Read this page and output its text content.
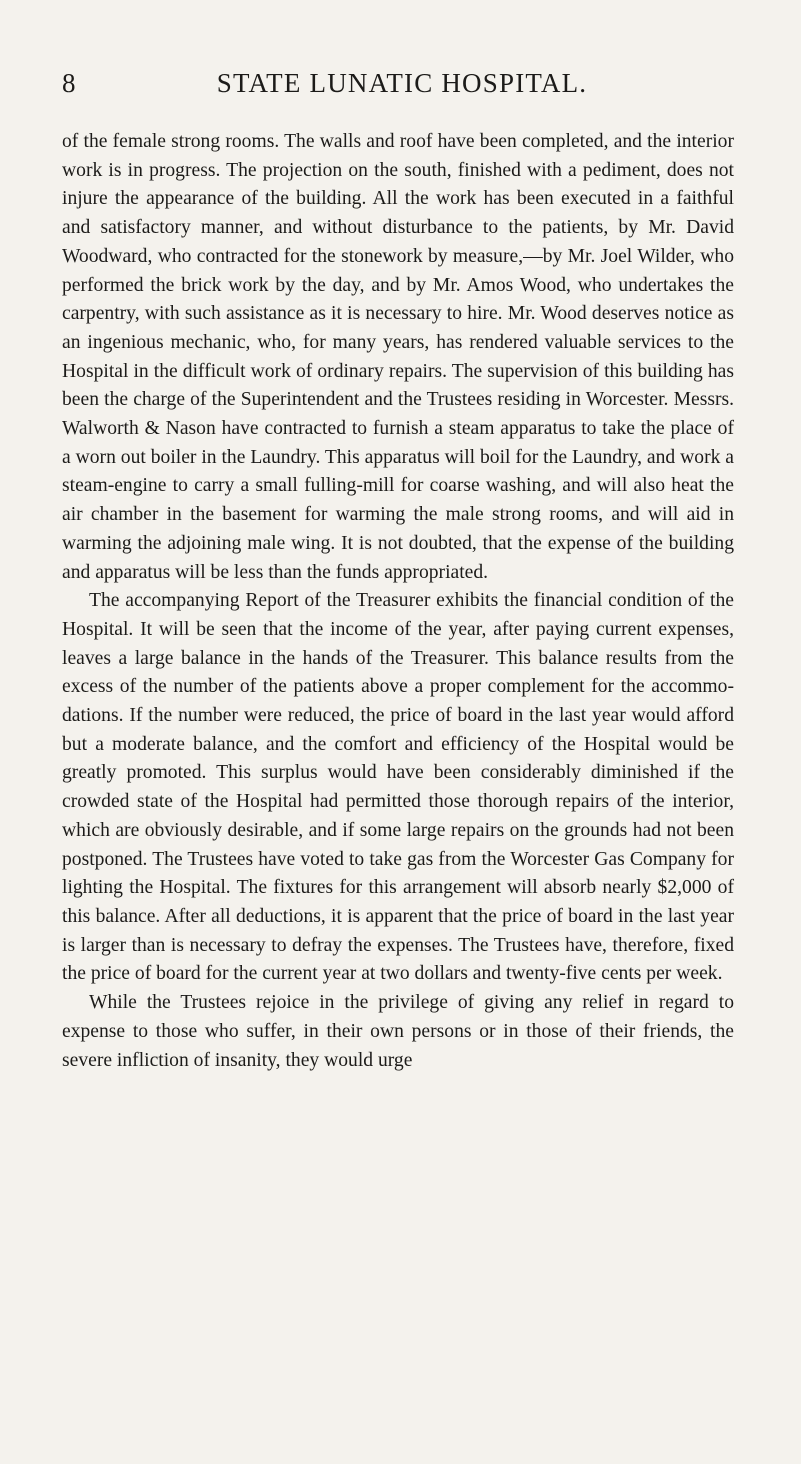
8	STATE LUNATIC HOSPITAL.

of the female strong rooms. The walls and roof have been completed, and the interior work is in progress. The projection on the south, finished with a pediment, does not injure the appearance of the building. All the work has been executed in a faithful and satisfactory manner, and without disturbance to the patients, by Mr. David Woodward, who contracted for the stonework by measure,—by Mr. Joel Wilder, who performed the brick work by the day, and by Mr. Amos Wood, who undertakes the carpentry, with such assistance as it is necessary to hire. Mr. Wood deserves notice as an ingenious mechanic, who, for many years, has rendered valuable services to the Hospital in the difficult work of ordinary repairs. The supervision of this building has been the charge of the Superintendent and the Trustees residing in Worcester. Messrs. Walworth & Nason have contracted to furnish a steam apparatus to take the place of a worn out boiler in the Laundry. This apparatus will boil for the Laundry, and work a steam-engine to carry a small fulling-mill for coarse washing, and will also heat the air chamber in the basement for warming the male strong rooms, and will aid in warming the adjoining male wing. It is not doubted, that the expense of the building and apparatus will be less than the funds appropriated.

The accompanying Report of the Treasurer exhibits the financial condition of the Hospital. It will be seen that the income of the year, after paying current expenses, leaves a large balance in the hands of the Treasurer. This balance results from the excess of the number of the patients above a proper complement for the accommodations. If the number were reduced, the price of board in the last year would afford but a moderate balance, and the comfort and efficiency of the Hospital would be greatly promoted. This surplus would have been considerably diminished if the crowded state of the Hospital had permitted those thorough repairs of the interior, which are obviously desirable, and if some large repairs on the grounds had not been postponed. The Trustees have voted to take gas from the Worcester Gas Company for lighting the Hospital. The fixtures for this arrangement will absorb nearly $2,000 of this balance. After all deductions, it is apparent that the price of board in the last year is larger than is necessary to defray the expenses. The Trustees have, therefore, fixed the price of board for the current year at two dollars and twenty-five cents per week.

While the Trustees rejoice in the privilege of giving any relief in regard to expense to those who suffer, in their own persons or in those of their friends, the severe infliction of insanity, they would urge
